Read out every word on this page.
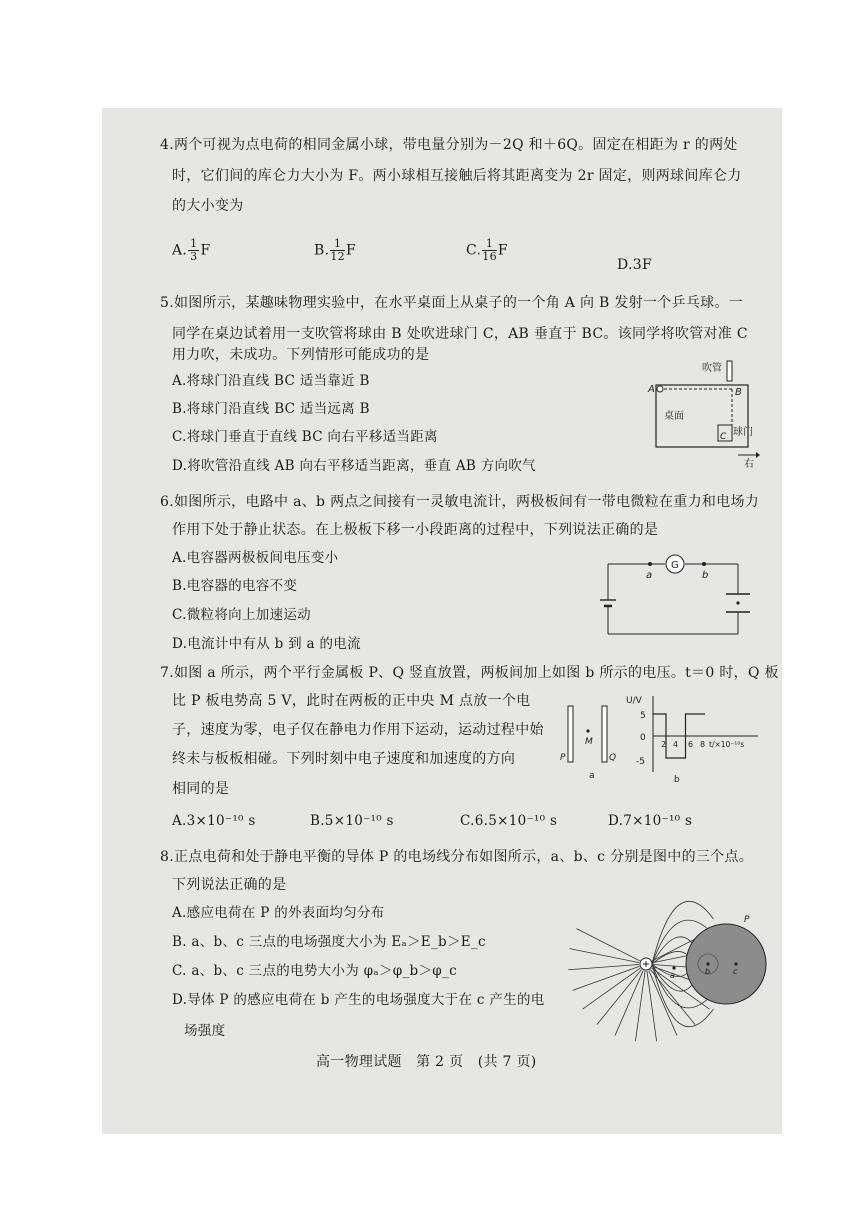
4.两个可视为点电荷的相同金属小球，带电量分别为－2Q 和＋6Q。固定在相距为 r 的两处
时，它们间的库仑力大小为 F。两小球相互接触后将其距离变为 2r 固定，则两球间库仑力
的大小变为
A. $\frac{1}{3}$ F	B. $\frac{1}{12}$ F	C. $\frac{1}{16}$ F
D.3F
5.如图所示，某趣味物理实验中，在水平桌面上从桌子的一个角 A 向 B 发射一个乒乓球。一
同学在桌边试着用一支吹管将球由 B 处吹进球门 C，AB 垂直于 BC。该同学将吹管对准 C
用力吹，未成功。下列情形可能成功的是
A.将球门沿直线 BC 适当靠近 B
B.将球门沿直线 BC 适当远离 B
C.将球门垂直于直线 BC 向右平移适当距离
D.将吹管沿直线 AB 向右平移适当距离，垂直 AB 方向吹气
吹管
A	B
桌面
球门
C
右
6.如图所示，电路中 a、b 两点之间接有一灵敏电流计，两极板间有一带电微粒在重力和电场力
作用下处于静止状态。在上极板下移一小段距离的过程中，下列说法正确的是
A.电容器两极板间电压变小
B.电容器的电容不变
C.微粒将向上加速运动
D.电流计中有从 b 到 a 的电流
G
a	b
7.如图 a 所示，两个平行金属板 P、Q 竖直放置，两板间加上如图 b 所示的电压。t＝0 时，Q 板
比 P 板电势高 5 V，此时在两板的正中央 M 点放一个电
子，速度为零，电子仅在静电力作用下运动，运动过程中始
终未与板板相碰。下列时刻中电子速度和加速度的方向
相同的是
A.3×10⁻¹⁰ s	B.5×10⁻¹⁰ s	C.6.5×10⁻¹⁰ s	D.7×10⁻¹⁰ s
P
M
Q
a
U/V
5
0
-5
2 4 6 8 t/×10⁻¹⁰s
b
8.正点电荷和处于静电平衡的导体 P 的电场线分布如图所示，a、b、c 分别是图中的三个点。
下列说法正确的是
A.感应电荷在 P 的外表面均匀分布
B. a、b、c 三点的电场强度大小为 Eₐ＞E_b＞E_c
C. a、b、c 三点的电势大小为 φₐ＞φ_b＞φ_c
D.导体 P 的感应电荷在 b 产生的电场强度大于在 c 产生的电
场强度
P
a	b	c
高一物理试题　第 2 页　(共 7 页)
